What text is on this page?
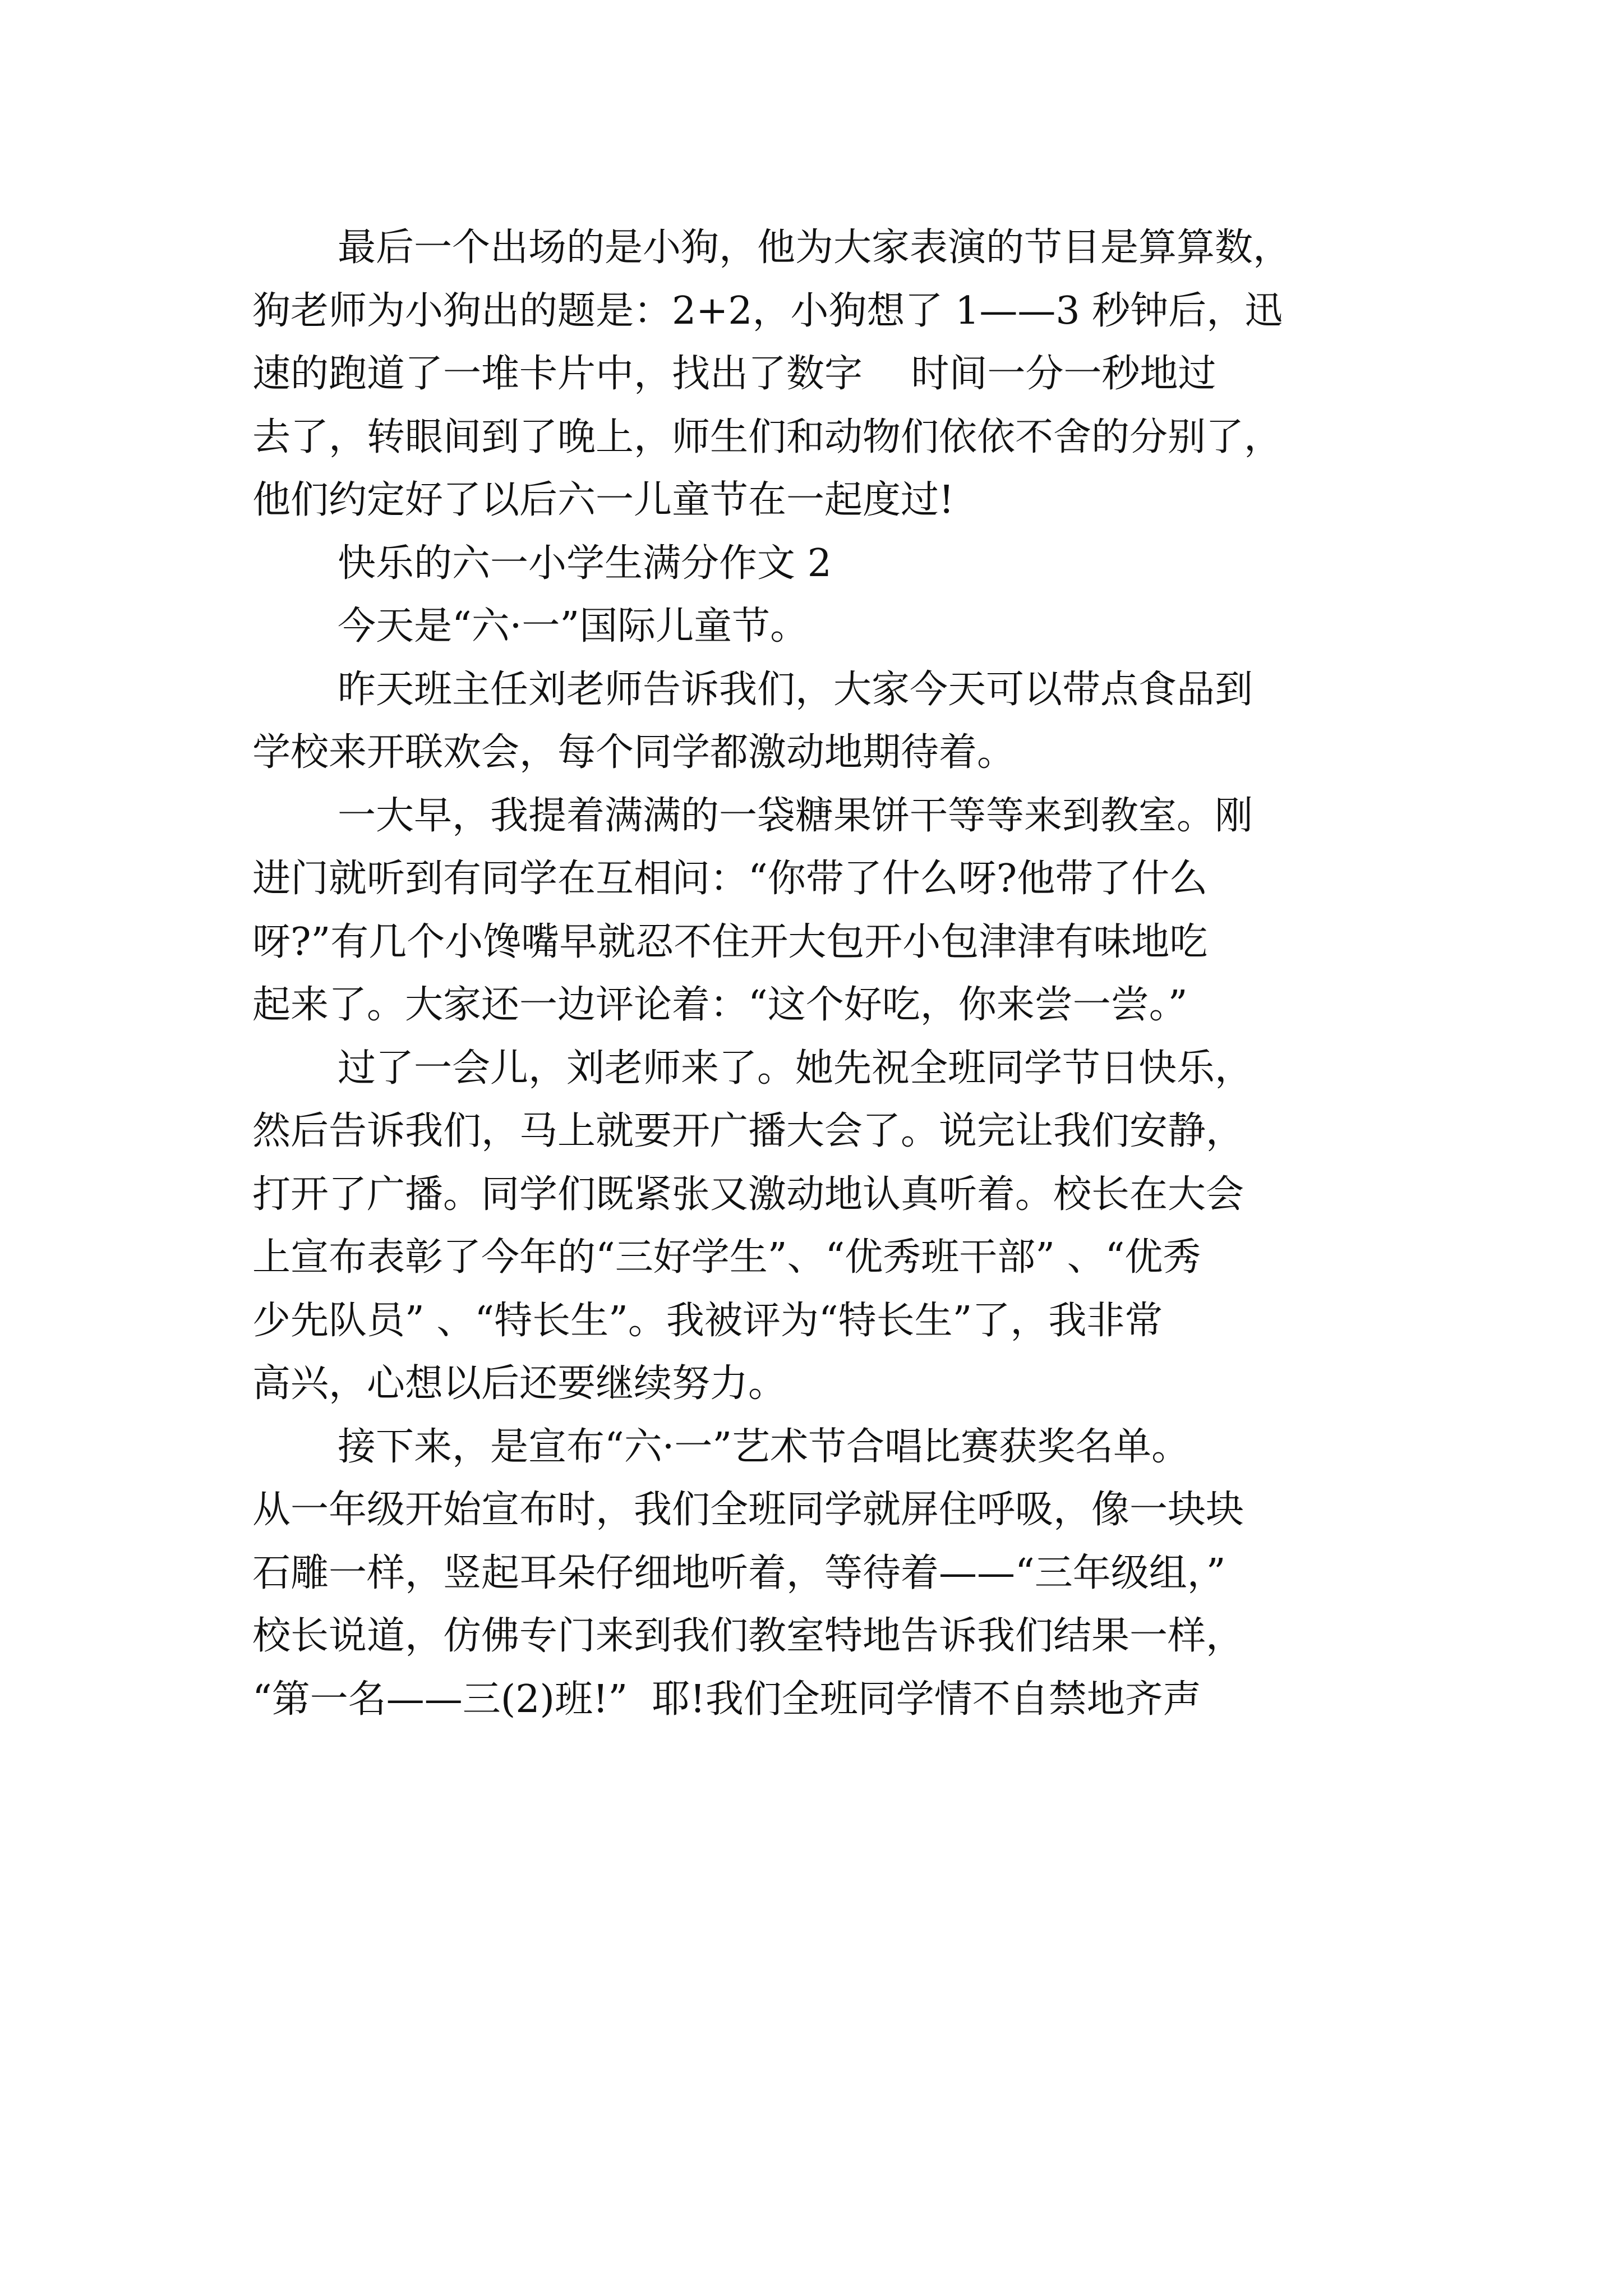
最后一个出场的是小狗，他为大家表演的节目是算算数，
狗老师为小狗出的题是：2+2，小狗想了 1——3 秒钟后，迅
速的跑道了一堆卡片中，找出了数字    时间一分一秒地过
去了，转眼间到了晚上，师生们和动物们依依不舍的分别了，
他们约定好了以后六一儿童节在一起度过!
快乐的六一小学生满分作文 2
今天是“六·一”国际儿童节。
昨天班主任刘老师告诉我们，大家今天可以带点食品到
学校来开联欢会，每个同学都激动地期待着。
一大早，我提着满满的一袋糖果饼干等等来到教室。刚
进门就听到有同学在互相问：“你带了什么呀?他带了什么
呀?”有几个小馋嘴早就忍不住开大包开小包津津有味地吃
起来了。大家还一边评论着：“这个好吃，你来尝一尝。”
过了一会儿，刘老师来了。她先祝全班同学节日快乐，
然后告诉我们，马上就要开广播大会了。说完让我们安静，
打开了广播。同学们既紧张又激动地认真听着。校长在大会
上宣布表彰了今年的“三好学生”、“优秀班干部” 、“优秀
少先队员” 、“特长生”。我被评为“特长生”了，我非常
高兴，心想以后还要继续努力。
接下来，是宣布“六·一”艺术节合唱比赛获奖名单。
从一年级开始宣布时，我们全班同学就屏住呼吸，像一块块
石雕一样，竖起耳朵仔细地听着，等待着——“三年级组，”
校长说道，仿佛专门来到我们教室特地告诉我们结果一样，
“第一名——三(2)班!”  耶!我们全班同学情不自禁地齐声
